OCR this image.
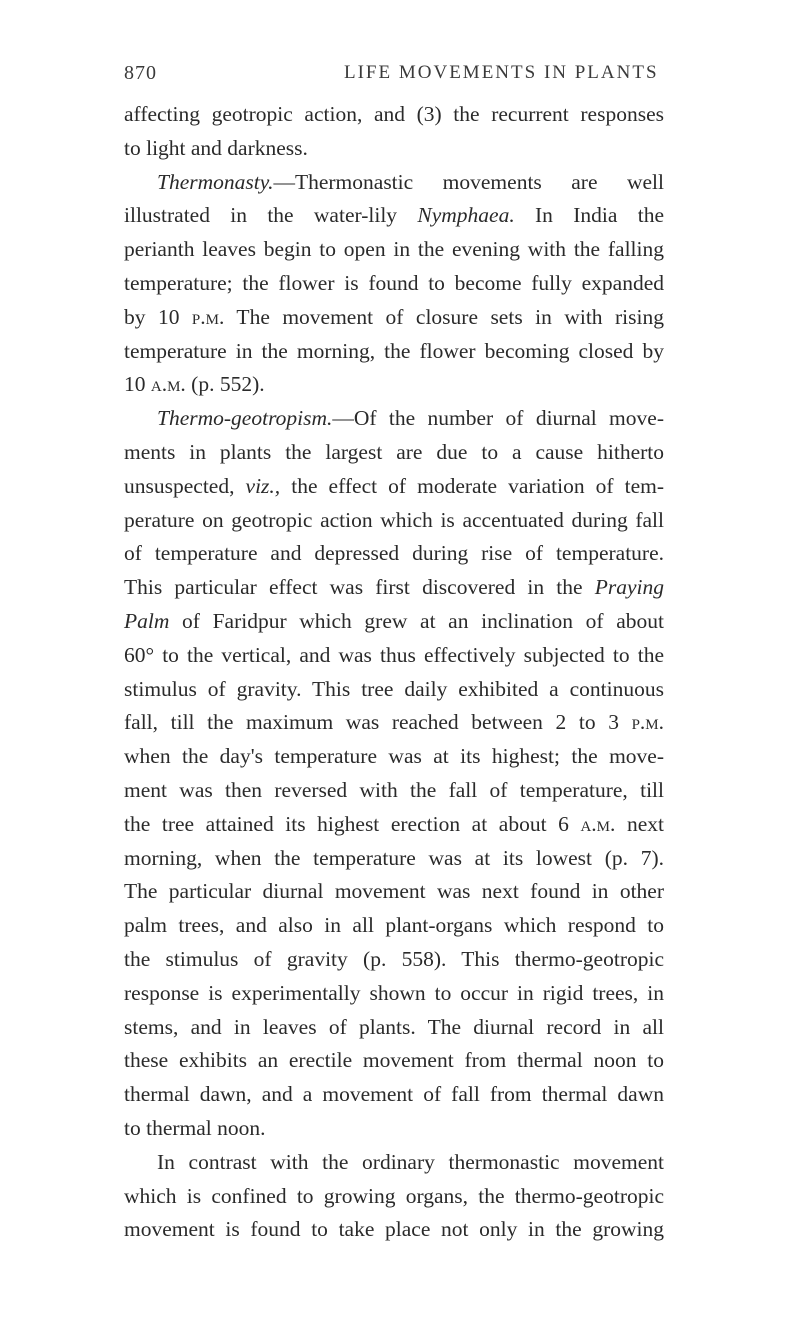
870	LIFE MOVEMENTS IN PLANTS
affecting geotropic action, and (3) the recurrent responses
to light and darkness.
Thermonasty.—Thermonastic movements are well
illustrated in the water-lily Nymphaea. In India the
perianth leaves begin to open in the evening with the falling
temperature; the flower is found to become fully expanded
by 10 p.m. The movement of closure sets in with rising
temperature in the morning, the flower becoming closed by
10 a.m. (p. 552).
Thermo-geotropism.—Of the number of diurnal move-
ments in plants the largest are due to a cause hitherto
unsuspected, viz., the effect of moderate variation of tem-
perature on geotropic action which is accentuated during fall
of temperature and depressed during rise of temperature.
This particular effect was first discovered in the Praying
Palm of Faridpur which grew at an inclination of about
60° to the vertical, and was thus effectively subjected to the
stimulus of gravity. This tree daily exhibited a continuous
fall, till the maximum was reached between 2 to 3 p.m.
when the day's temperature was at its highest; the move-
ment was then reversed with the fall of temperature, till
the tree attained its highest erection at about 6 a.m. next
morning, when the temperature was at its lowest (p. 7).
The particular diurnal movement was next found in other
palm trees, and also in all plant-organs which respond to
the stimulus of gravity (p. 558). This thermo-geotropic
response is experimentally shown to occur in rigid trees, in
stems, and in leaves of plants. The diurnal record in all
these exhibits an erectile movement from thermal noon to
thermal dawn, and a movement of fall from thermal dawn
to thermal noon.
In contrast with the ordinary thermonastic movement
which is confined to growing organs, the thermo-geotropic
movement is found to take place not only in the growing
